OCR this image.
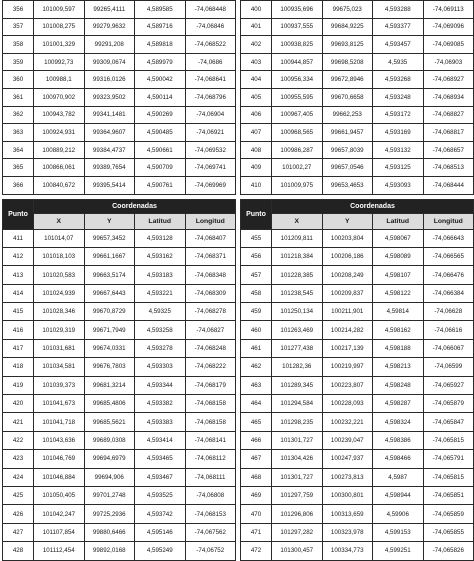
356	101009,597	99265,4111	4,589585	-74,068448
357	101008,275	99279,9632	4,589716	-74,06846
358	101001,329	99291,208	4,589818	-74,068522
359	100992,73	99309,0674	4,589979	-74,0686
360	100988,1	99316,0126	4,590042	-74,068641
361	100970,902	99323,9502	4,590114	-74,068796
362	100943,782	99341,1481	4,590269	-74,06904
363	100924,931	99364,9607	4,590485	-74,06921
364	100889,212	99384,4737	4,590661	-74,069532
365	100866,061	99389,7654	4,590709	-74,069741
366	100840,672	99395,5414	4,590761	-74,069969
Punto	Coordenadas			
	X	Y	Latitud	Longitud
411	101014,07	99657,3452	4,593128	-74,068407
412	101018,103	99661,1667	4,593162	-74,068371
413	101020,583	99663,5174	4,593183	-74,068348
414	101024,939	99667,6443	4,593221	-74,068309
415	101028,346	99670,8729	4,59325	-74,068278
416	101029,319	99671,7949	4,593258	-74,06827
417	101031,681	99674,0331	4,593278	-74,068248
418	101034,581	99676,7803	4,593303	-74,068222
419	101039,373	99681,3214	4,593344	-74,068179
420	101041,673	99685,4806	4,593382	-74,068158
421	101041,718	99685,5621	4,593383	-74,068158
422	101043,636	99689,0308	4,593414	-74,068141
423	101046,769	99694,6979	4,593465	-74,068112
424	101046,884	99694,906	4,593467	-74,068111
425	101050,405	99701,2748	4,593525	-74,06808
426	101042,247	99725,2936	4,593742	-74,068153
427	101107,854	99880,6466	4,595146	-74,067562
428	101112,454	99892,0168	4,595249	-74,06752
400	100935,696	99675,023	4,593288	-74,069113
401	100937,555	99684,9225	4,593377	-74,069096
402	100938,825	99693,8125	4,593457	-74,069085
403	100944,857	99698,5208	4,5935	-74,06903
404	100956,334	99672,8946	4,593268	-74,068927
405	100955,595	99670,6658	4,593248	-74,068934
406	100967,405	99662,253	4,593172	-74,068827
407	100968,565	99661,9457	4,593169	-74,068817
408	100986,287	99657,8039	4,593132	-74,068657
409	101002,27	99657,0546	4,593125	-74,068513
410	101009,975	99653,4653	4,593093	-74,068444
Punto	Coordenadas			
	X	Y	Latitud	Longitud
455	101209,811	100203,804	4,598067	-74,066643
456	101218,384	100206,186	4,598089	-74,066565
457	101228,385	100208,249	4,598107	-74,066476
458	101238,545	100209,837	4,598122	-74,066384
459	101250,134	100211,901	4,59814	-74,06628
460	101263,469	100214,282	4,598162	-74,06616
461	101277,438	100217,139	4,598188	-74,066067
462	101282,36	100219,997	4,598213	-74,06599
463	101289,345	100223,807	4,598248	-74,065927
464	101294,584	100228,093	4,598287	-74,065879
465	101298,235	100232,221	4,598324	-74,065847
466	101301,727	100239,047	4,598386	-74,065815
467	101304,426	100247,937	4,598466	-74,065791
468	101301,727	100273,813	4,5987	-74,065815
469	101297,759	100300,801	4,598944	-74,065851
470	101296,806	100313,659	4,59906	-74,065859
471	101297,282	100323,978	4,599153	-74,065855
472	101300,457	100334,773	4,599251	-74,065826
